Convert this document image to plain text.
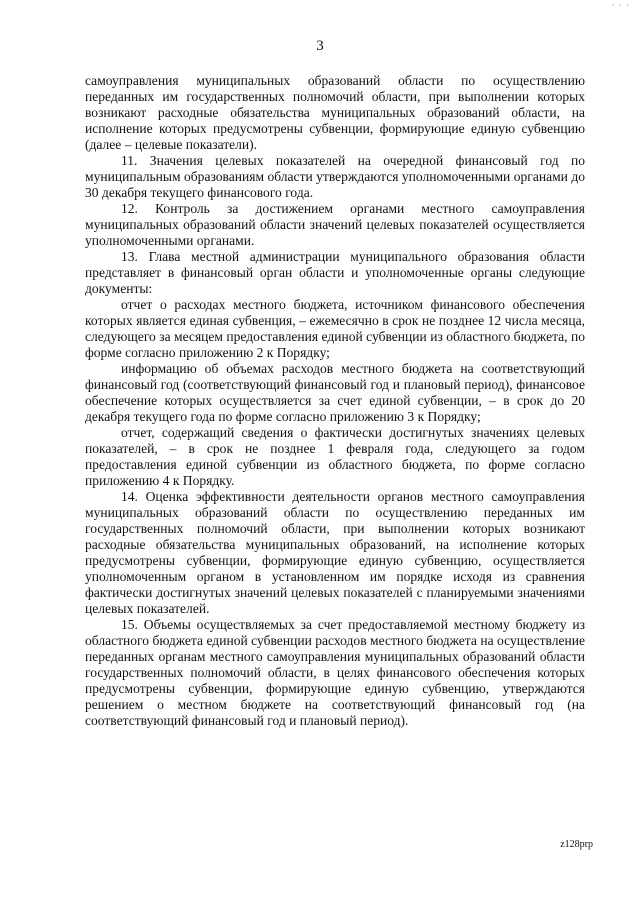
· · ·
3

самоуправления муниципальных образований области по осуществлению переданных им государственных полномочий области, при выполнении которых возникают расходные обязательства муниципальных образований области, на исполнение которых предусмотрены субвенции, формирующие единую субвенцию (далее – целевые показатели).

11. Значения целевых показателей на очередной финансовый год по муниципальным образованиям области утверждаются уполномоченными органами до 30 декабря текущего финансового года.

12. Контроль за достижением органами местного самоуправления муниципальных образований области значений целевых показателей осуществляется уполномоченными органами.

13. Глава местной администрации муниципального образования области представляет в финансовый орган области и уполномоченные органы следующие документы:

отчет о расходах местного бюджета, источником финансового обеспечения которых является единая субвенция, – ежемесячно в срок не позднее 12 числа месяца, следующего за месяцем предоставления единой субвенции из областного бюджета, по форме согласно приложению 2 к Порядку;

информацию об объемах расходов местного бюджета на соответствующий финансовый год (соответствующий финансовый год и плановый период), финансовое обеспечение которых осуществляется за счет единой субвенции, – в срок до 20 декабря текущего года по форме согласно приложению 3 к Порядку;

отчет, содержащий сведения о фактически достигнутых значениях целевых показателей, – в срок не позднее 1 февраля года, следующего за годом предоставления единой субвенции из областного бюджета, по форме согласно приложению 4 к Порядку.

14. Оценка эффективности деятельности органов местного самоуправления муниципальных образований области по осуществлению переданных им государственных полномочий области, при выполнении которых возникают расходные обязательства муниципальных образований, на исполнение которых предусмотрены субвенции, формирующие единую субвенцию, осуществляется уполномоченным органом в установленном им порядке исходя из сравнения фактически достигнутых значений целевых показателей с планируемыми значениями целевых показателей.

15. Объемы осуществляемых за счет предоставляемой местному бюджету из областного бюджета единой субвенции расходов местного бюджета на осуществление переданных органам местного самоуправления муниципальных образований области государственных полномочий области, в целях финансового обеспечения которых предусмотрены субвенции, формирующие единую субвенцию, утверждаются решением о местном бюджете на соответствующий финансовый год (на соответствующий финансовый год и плановый период).

z128prp
